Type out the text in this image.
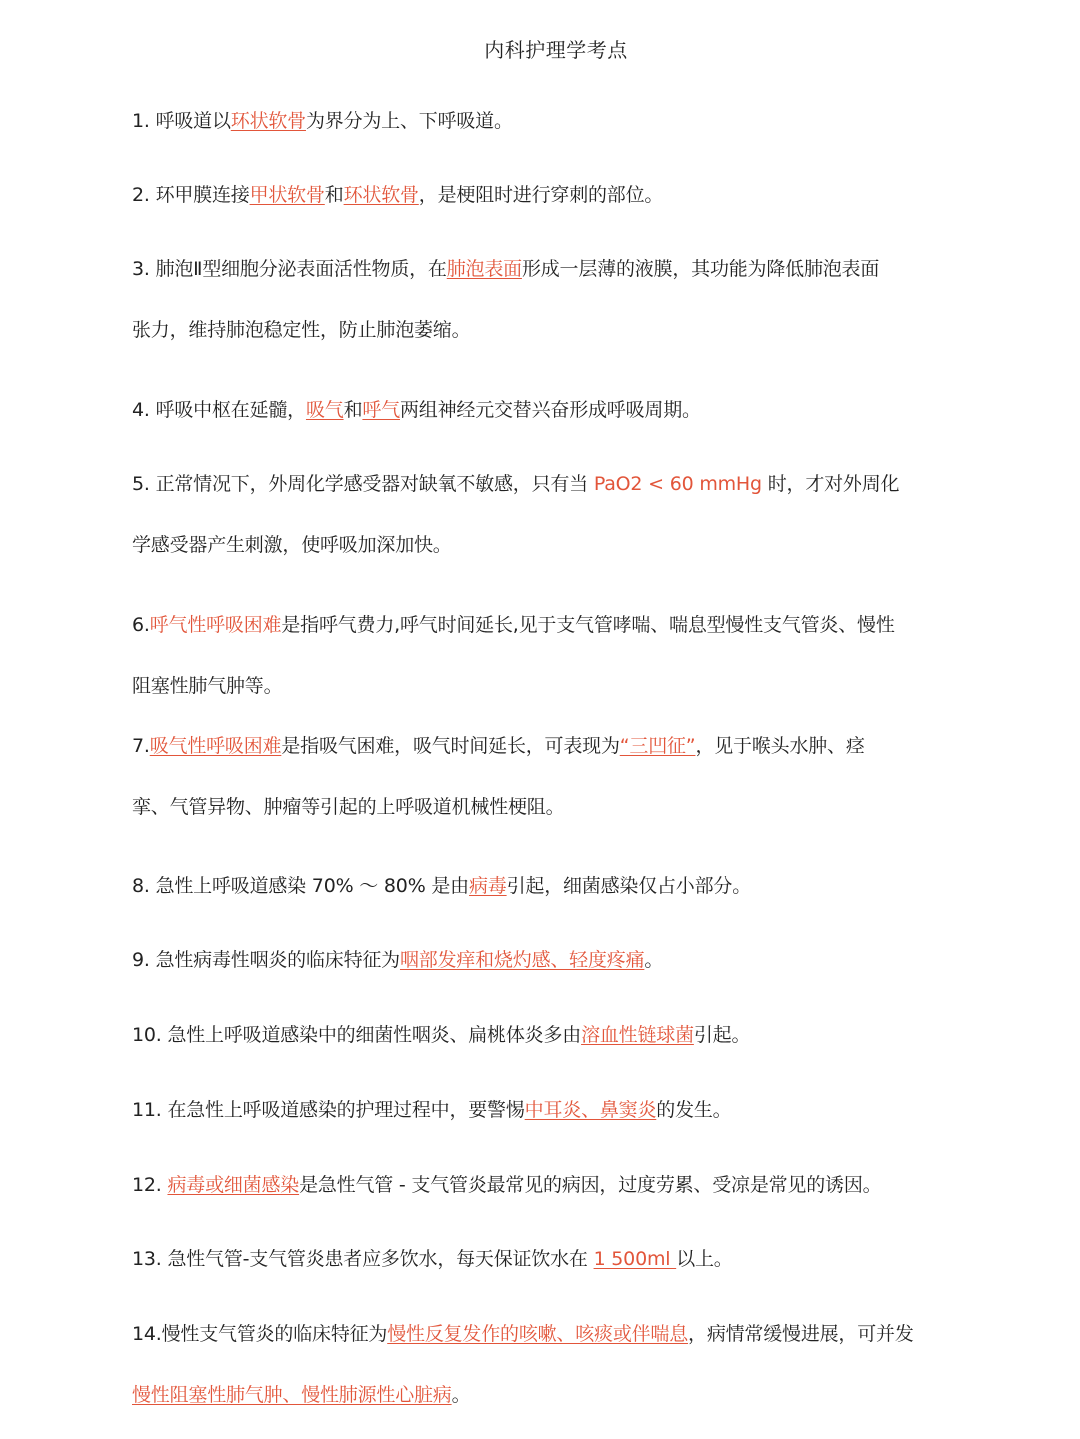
内科护理学考点
1. 呼吸道以环状软骨为界分为上、下呼吸道。
2. 环甲膜连接甲状软骨和环状软骨，是梗阻时进行穿刺的部位。
3. 肺泡Ⅱ型细胞分泌表面活性物质，在肺泡表面形成一层薄的液膜，其功能为降低肺泡表面
张力，维持肺泡稳定性，防止肺泡萎缩。
4. 呼吸中枢在延髓，吸气和呼气两组神经元交替兴奋形成呼吸周期。
5. 正常情况下，外周化学感受器对缺氧不敏感，只有当 PaO2 < 60 mmHg 时，才对外周化
学感受器产生刺激，使呼吸加深加快。
6.呼气性呼吸困难是指呼气费力,呼气时间延长,见于支气管哮喘、喘息型慢性支气管炎、慢性
阻塞性肺气肿等。
7.吸气性呼吸困难是指吸气困难，吸气时间延长，可表现为“三凹征”，见于喉头水肿、痉
挛、气管异物、肿瘤等引起的上呼吸道机械性梗阻。
8. 急性上呼吸道感染 70% ～ 80% 是由病毒引起，细菌感染仅占小部分。
9. 急性病毒性咽炎的临床特征为咽部发痒和烧灼感、轻度疼痛。
10. 急性上呼吸道感染中的细菌性咽炎、扁桃体炎多由溶血性链球菌引起。
11. 在急性上呼吸道感染的护理过程中，要警惕中耳炎、鼻窦炎的发生。
12. 病毒或细菌感染是急性气管 - 支气管炎最常见的病因，过度劳累、受凉是常见的诱因。
13. 急性气管-支气管炎患者应多饮水，每天保证饮水在 1 500ml 以上。
14.慢性支气管炎的临床特征为慢性反复发作的咳嗽、咳痰或伴喘息，病情常缓慢进展，可并发
慢性阻塞性肺气肿、慢性肺源性心脏病。
